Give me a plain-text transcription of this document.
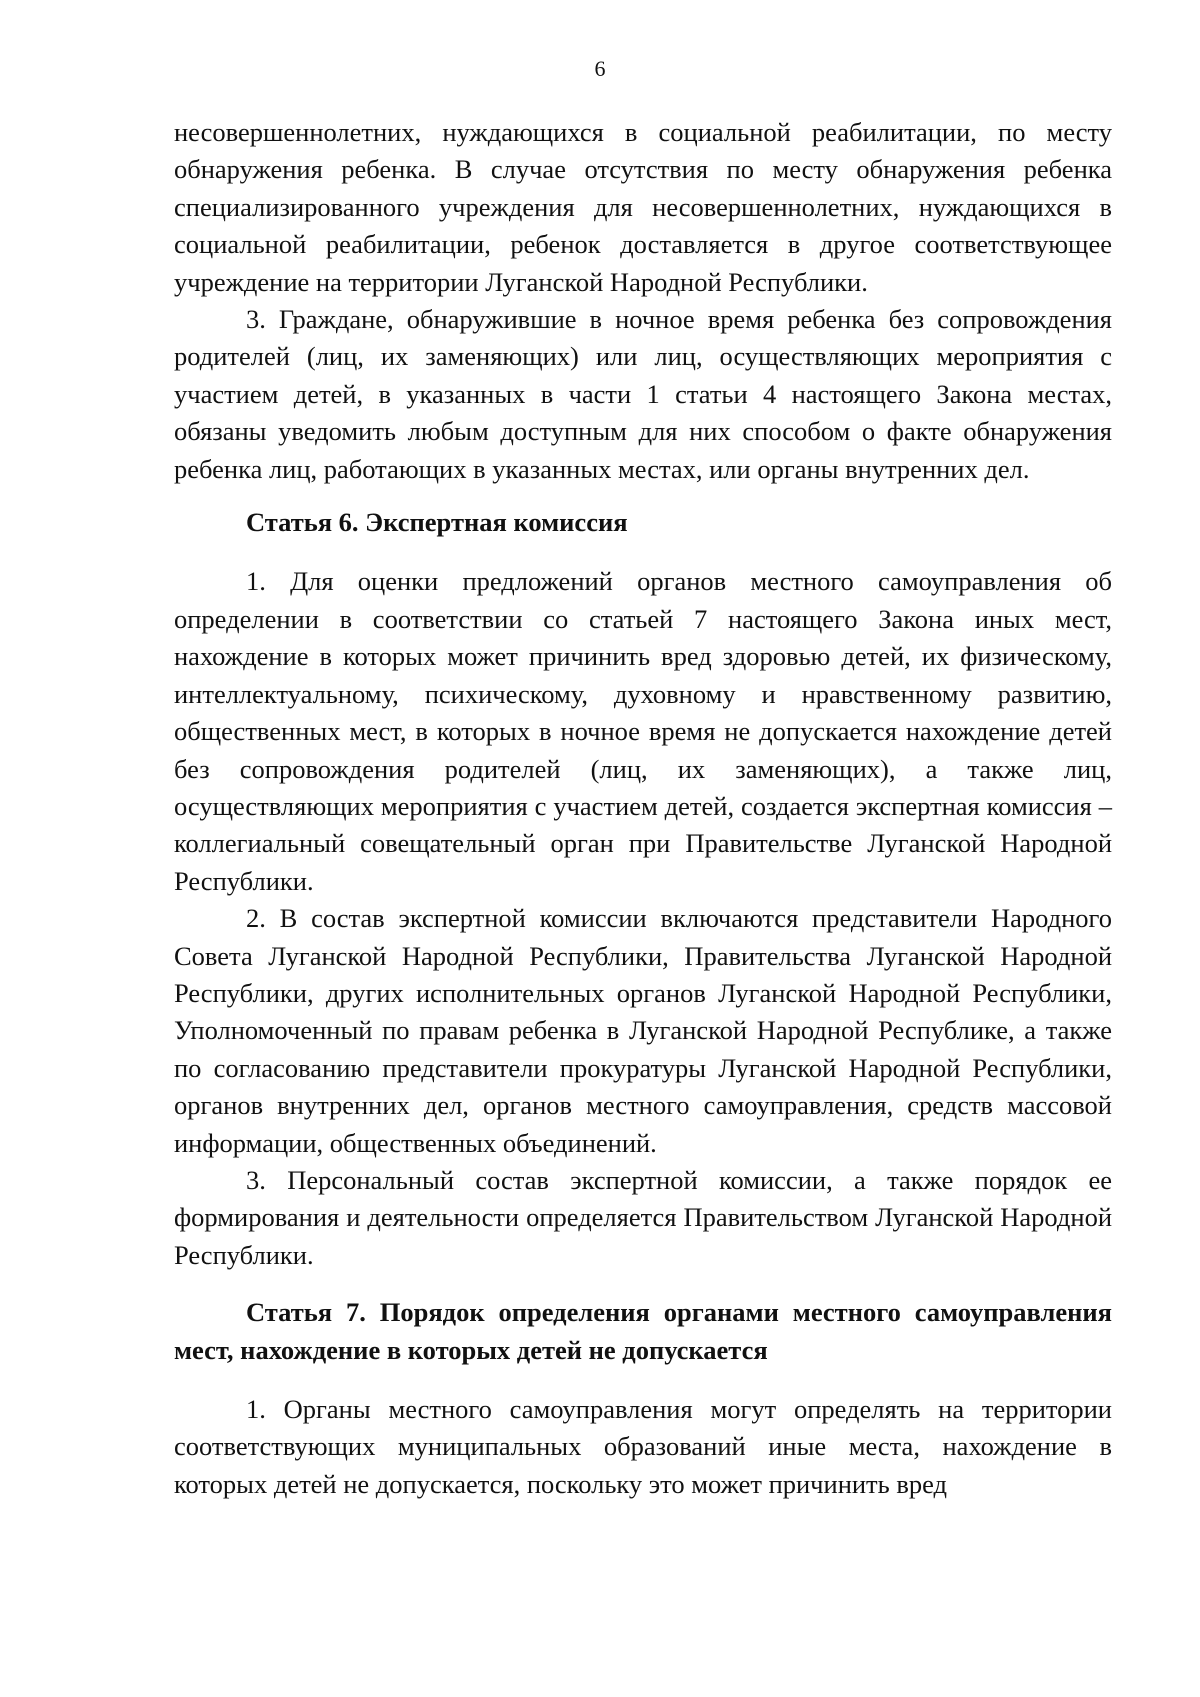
6

несовершеннолетних, нуждающихся в социальной реабилитации, по месту обнаружения ребенка. В случае отсутствия по месту обнаружения ребенка специализированного учреждения для несовершеннолетних, нуждающихся в социальной реабилитации, ребенок доставляется в другое соответствующее учреждение на территории Луганской Народной Республики.

3. Граждане, обнаружившие в ночное время ребенка без сопровождения родителей (лиц, их заменяющих) или лиц, осуществляющих мероприятия с участием детей, в указанных в части 1 статьи 4 настоящего Закона местах, обязаны уведомить любым доступным для них способом о факте обнаружения ребенка лиц, работающих в указанных местах, или органы внутренних дел.

Статья 6. Экспертная комиссия

1. Для оценки предложений органов местного самоуправления об определении в соответствии со статьей 7 настоящего Закона иных мест, нахождение в которых может причинить вред здоровью детей, их физическому, интеллектуальному, психическому, духовному и нравственному развитию, общественных мест, в которых в ночное время не допускается нахождение детей без сопровождения родителей (лиц, их заменяющих), а также лиц, осуществляющих мероприятия с участием детей, создается экспертная комиссия – коллегиальный совещательный орган при Правительстве Луганской Народной Республики.

2. В состав экспертной комиссии включаются представители Народного Совета Луганской Народной Республики, Правительства Луганской Народной Республики, других исполнительных органов Луганской Народной Республики, Уполномоченный по правам ребенка в Луганской Народной Республике, а также по согласованию представители прокуратуры Луганской Народной Республики, органов внутренних дел, органов местного самоуправления, средств массовой информации, общественных объединений.

3. Персональный состав экспертной комиссии, а также порядок ее формирования и деятельности определяется Правительством Луганской Народной Республики.

Статья 7. Порядок определения органами местного самоуправления мест, нахождение в которых детей не допускается

1. Органы местного самоуправления могут определять на территории соответствующих муниципальных образований иные места, нахождение в которых детей не допускается, поскольку это может причинить вред
